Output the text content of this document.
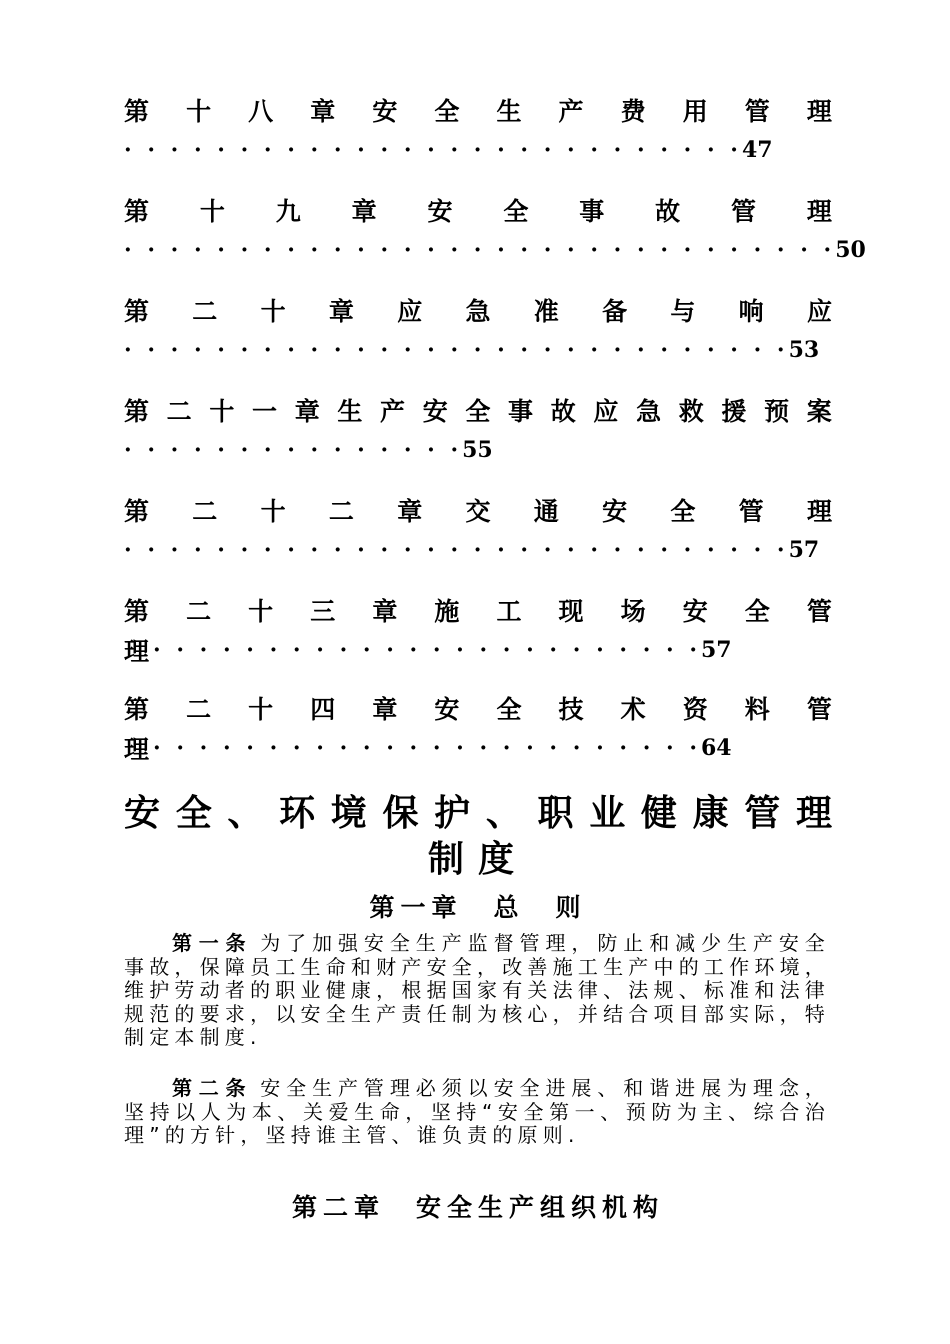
第 十 八 章 安 全 生 产 费 用 管 理
· · · · · · · · · · · · · · · · · · · · · · · · · · · 47
第 十 九 章 安 全 事 故 管 理
· · · · · · · · · · · · · · · · · · · · · · · · · · · · · · · 50
第 二 十 章 应 急 准 备 与 响 应
· · · · · · · · · · · · · · · · · · · · · · · · · · · · · 53
第 二 十 一 章 生 产 安 全 事 故 应 急 救 援 预 案
· · · · · · · · · · · · · · · 55
第 二 十 二 章 交 通 安 全 管 理
· · · · · · · · · · · · · · · · · · · · · · · · · · · · · 57
第 二 十 三 章 施 工 现 场 安 全 管
理 · · · · · · · · · · · · · · · · · · · · · · · · 57
第 二 十 四 章 安 全 技 术 资 料 管
理 · · · · · · · · · · · · · · · · · · · · · · · · 64
安 全 、 环 境 保 护 、 职 业 健 康 管 理
制度
第一章　总　则
第一条 为了加强安全生产监督管理，防止和减少生产安全事故，保障员工生命和财产安全，改善施工生产中的工作环境，维护劳动者的职业健康，根据国家有关法律、法规、标准和法律规范的要求，以安全生产责任制为核心，并结合项目部实际，特制定本制度.
第二条 安全生产管理必须以安全进展、和谐进展为理念，坚持以人为本、关爱生命，坚持“安全第一、预防为主、综合治理”的方针，坚持谁主管、谁负责的原则.
第二章　安全生产组织机构
